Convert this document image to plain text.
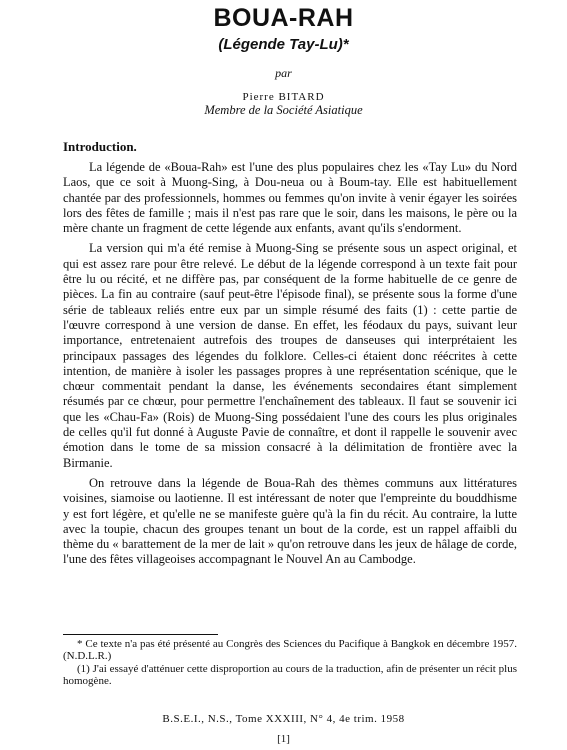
BOUA-RAH
(Légende Tay-Lu)*
par
Pierre BITARD
Membre de la Société Asiatique
Introduction.

La légende de «Boua-Rah» est l'une des plus populaires chez les «Tay Lu» du Nord Laos, que ce soit à Muong-Sing, à Dou-neua ou à Boum-tay. Elle est habituellement chantée par des professionnels, hommes ou femmes qu'on invite à venir égayer les soirées lors des fêtes de famille ; mais il n'est pas rare que le soir, dans les maisons, le père ou la mère chante un fragment de cette légende aux enfants, avant qu'ils s'endorment.

La version qui m'a été remise à Muong-Sing se présente sous un aspect original, et qui est assez rare pour être relevé. Le début de la légende correspond à un texte fait pour être lu ou récité, et ne diffère pas, par conséquent de la forme habituelle de ce genre de pièces. La fin au contraire (sauf peut-être l'épisode final), se présente sous la forme d'une série de tableaux reliés entre eux par un simple résumé des faits (1) : cette partie de l'œuvre correspond à une version de danse. En effet, les féodaux du pays, suivant leur importance, entretenaient autrefois des troupes de danseuses qui interprétaient les principaux passages des légendes du folklore. Celles-ci étaient donc réécrites à cette intention, de manière à isoler les passages propres à une représentation scénique, que le chœur commentait pendant la danse, les événements secondaires étant simplement résumés par ce chœur, pour permettre l'enchaînement des tableaux. Il faut se souvenir ici que les «Chau-Fa» (Rois) de Muong-Sing possédaient l'une des cours les plus originales de celles qu'il fut donné à Auguste Pavie de connaître, et dont il rappelle le souvenir avec émotion dans le tome de sa mission consacré à la délimitation de frontière avec la Birmanie.

On retrouve dans la légende de Boua-Rah des thèmes communs aux littératures voisines, siamoise ou laotienne. Il est intéressant de noter que l'empreinte du bouddhisme y est fort légère, et qu'elle ne se manifeste guère qu'à la fin du récit. Au contraire, la lutte avec la toupie, chacun des groupes tenant un bout de la corde, est un rappel affaibli du thème du « barattement de la mer de lait » qu'on retrouve dans les jeux de hâlage de corde, l'une des fêtes villageoises accompagnant le Nouvel An au Cambodge.

* Ce texte n'a pas été présenté au Congrès des Sciences du Pacifique à Bangkok en décembre 1957. (N.D.L.R.)

(1) J'ai essayé d'atténuer cette disproportion au cours de la traduction, afin de présenter un récit plus homogène.

B.S.E.I., N.S., Tome XXXIII, N° 4, 4e trim. 1958
[1]
